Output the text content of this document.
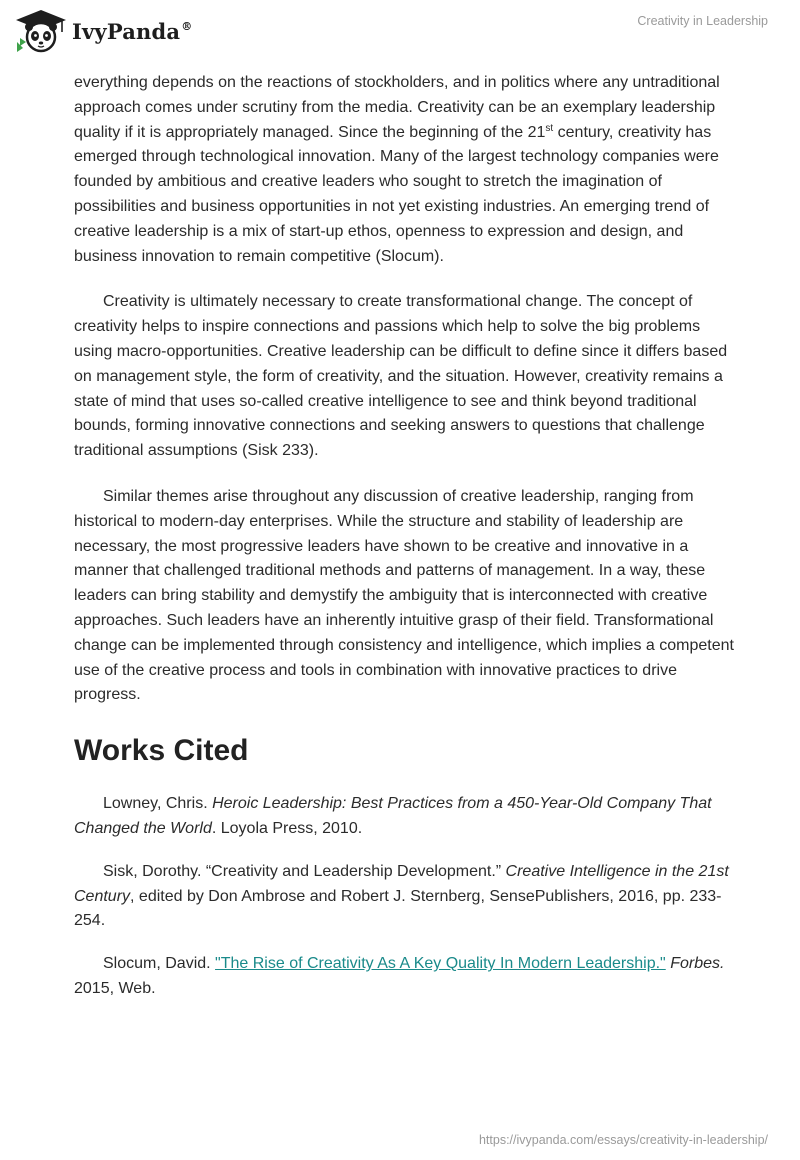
IvyPanda®	Creativity in Leadership

everything depends on the reactions of stockholders, and in politics where any untraditional approach comes under scrutiny from the media. Creativity can be an exemplary leadership quality if it is appropriately managed. Since the beginning of the 21st century, creativity has emerged through technological innovation. Many of the largest technology companies were founded by ambitious and creative leaders who sought to stretch the imagination of possibilities and business opportunities in not yet existing industries. An emerging trend of creative leadership is a mix of start-up ethos, openness to expression and design, and business innovation to remain competitive (Slocum).

Creativity is ultimately necessary to create transformational change. The concept of creativity helps to inspire connections and passions which help to solve the big problems using macro-opportunities. Creative leadership can be difficult to define since it differs based on management style, the form of creativity, and the situation. However, creativity remains a state of mind that uses so-called creative intelligence to see and think beyond traditional bounds, forming innovative connections and seeking answers to questions that challenge traditional assumptions (Sisk 233).

Similar themes arise throughout any discussion of creative leadership, ranging from historical to modern-day enterprises. While the structure and stability of leadership are necessary, the most progressive leaders have shown to be creative and innovative in a manner that challenged traditional methods and patterns of management. In a way, these leaders can bring stability and demystify the ambiguity that is interconnected with creative approaches. Such leaders have an inherently intuitive grasp of their field. Transformational change can be implemented through consistency and intelligence, which implies a competent use of the creative process and tools in combination with innovative practices to drive progress.

Works Cited

Lowney, Chris. Heroic Leadership: Best Practices from a 450-Year-Old Company That Changed the World. Loyola Press, 2010.

Sisk, Dorothy. “Creativity and Leadership Development.” Creative Intelligence in the 21st Century, edited by Don Ambrose and Robert J. Sternberg, SensePublishers, 2016, pp. 233-254.

Slocum, David. "The Rise of Creativity As A Key Quality In Modern Leadership." Forbes. 2015, Web.

https://ivypanda.com/essays/creativity-in-leadership/
